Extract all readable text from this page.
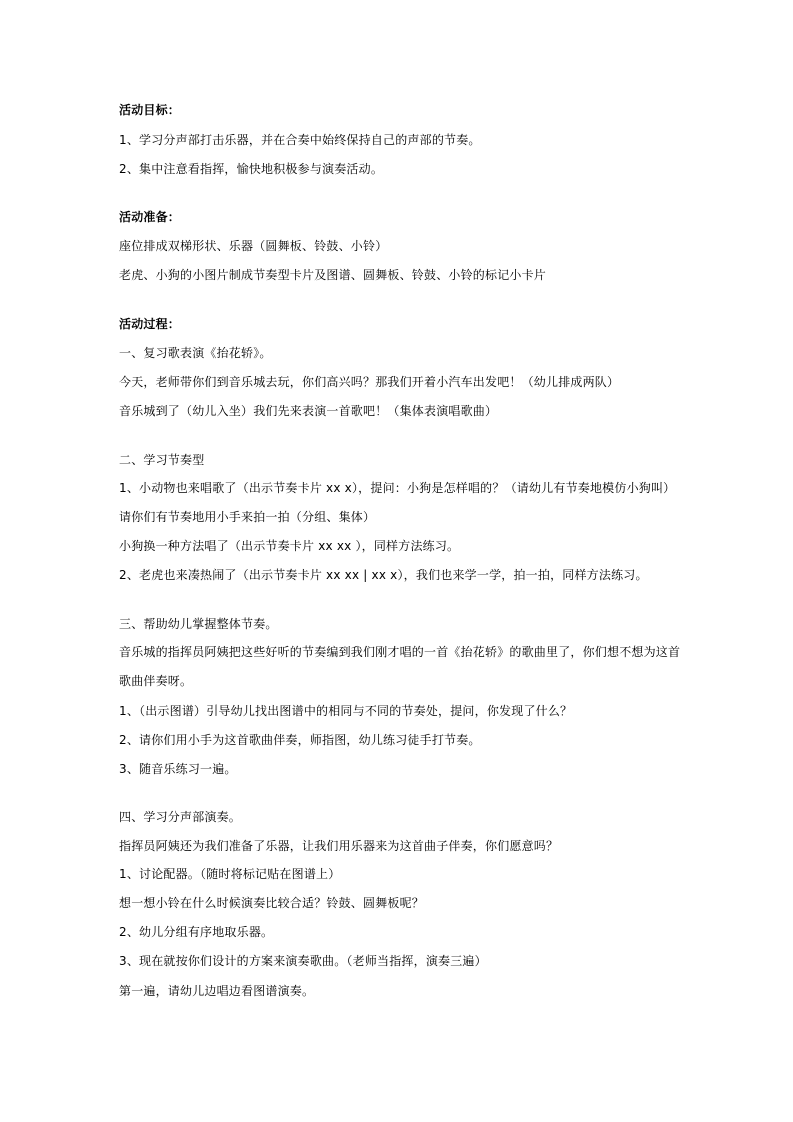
活动目标：
1、学习分声部打击乐器，并在合奏中始终保持自己的声部的节奏。
2、集中注意看指挥，愉快地积极参与演奏活动。
活动准备：
座位排成双梯形状、乐器（圆舞板、铃鼓、小铃）
老虎、小狗的小图片制成节奏型卡片及图谱、圆舞板、铃鼓、小铃的标记小卡片
活动过程：
一、复习歌表演《抬花轿》。
今天，老师带你们到音乐城去玩，你们高兴吗？那我们开着小汽车出发吧！（幼儿排成两队）
音乐城到了（幼儿入坐）我们先来表演一首歌吧！（集体表演唱歌曲）
二、学习节奏型
1、小动物也来唱歌了（出示节奏卡片 xx x），提问：小狗是怎样唱的？（请幼儿有节奏地模仿小狗叫）
请你们有节奏地用小手来拍一拍（分组、集体）
小狗换一种方法唱了（出示节奏卡片 xx xx ），同样方法练习。
2、老虎也来凑热闹了（出示节奏卡片 xx xx | xx x），我们也来学一学，拍一拍，同样方法练习。
三、帮助幼儿掌握整体节奏。
音乐城的指挥员阿姨把这些好听的节奏编到我们刚才唱的一首《抬花轿》的歌曲里了，你们想不想为这首
歌曲伴奏呀。
1、（出示图谱）引导幼儿找出图谱中的相同与不同的节奏处，提问，你发现了什么？
2、请你们用小手为这首歌曲伴奏，师指图，幼儿练习徒手打节奏。
3、随音乐练习一遍。
四、学习分声部演奏。
指挥员阿姨还为我们准备了乐器，让我们用乐器来为这首曲子伴奏，你们愿意吗？
1、讨论配器。（随时将标记贴在图谱上）
想一想小铃在什么时候演奏比较合适？铃鼓、圆舞板呢？
2、幼儿分组有序地取乐器。
3、现在就按你们设计的方案来演奏歌曲。（老师当指挥，演奏三遍）
第一遍，请幼儿边唱边看图谱演奏。
